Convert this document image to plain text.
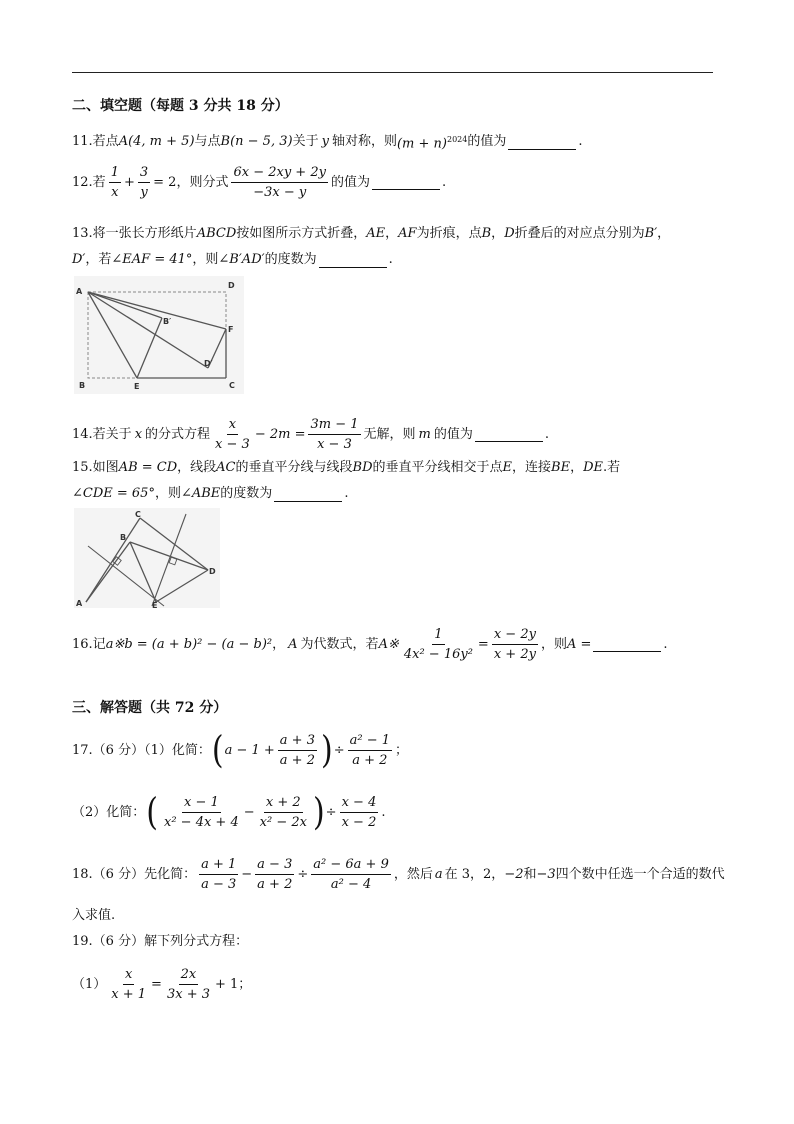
二、填空题（每题 3 分共 18 分）
11.若点 A(4, m + 5) 与点 B(n − 5, 3) 关于 y 轴对称，则 $(m + n)^{2024}$ 的值为	.
12.若 $\frac{1}{x} + \frac{3}{y} = 2$ ，则分式 $\frac{6x - 2xy + 2y}{-3x - y}$ 的值为	.
13.将一张长方形纸片 ABCD 按如图所示方式折叠， AE ， AF 为折痕，点 B ， D 折叠后的对应点分别为 B′ ，
D′ ，若 ∠EAF = 41° ，则 ∠B′AD′ 的度数为	.
A
B	C
D
E
F
B′
D′
14.若关于 x 的分式方程 $\frac{x}{x - 3} - 2m = \frac{3m - 1}{x - 3}$ 无解，则 m 的值为	.
15.如图 AB = CD ，线段 AC 的垂直平分线与线段 BD 的垂直平分线相交于点 E ，连接 BE ， DE .若
∠CDE = 65° ，则 ∠ABE 的度数为	.
A
B
C
D
E
16.记 a※b = (a + b)² − (a − b)² ， A 为代数式，若 A※ $\frac{1}{\text{4x² − 16y²}} = \frac{x - 2y}{x + 2y}$ ，则 A =	.
三、解答题（共 72 分）
17.（6 分）（1）化简： ( $a - 1 + \frac{a + 3}{a + 2}$ ) ÷ $\frac{\text{a² − 1}}{a + 2}$ ；
（2）化简： ( $\frac{x - 1}{\text{x² − 4x + 4}} - \frac{x + 2}{\text{x² − 2x}}$ ) ÷ $\frac{x - 4}{x - 2}$ .
18.（6 分）先化简： $\frac{a + 1}{a - 3} - \frac{a - 3}{a + 2} \div \frac{\text{a² − 6a + 9}}{\text{a² − 4}}$ ，然后 a 在 3，2， −2 和 −3 四个数中任选一个合适的数代
入求值.
19.（6 分）解下列分式方程：
$(1) \frac{x}{x + 1} = \frac{2x}{3x + 3} + 1$ ；
